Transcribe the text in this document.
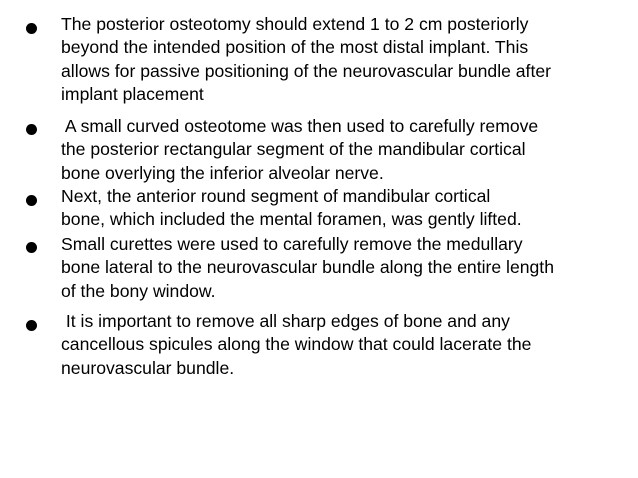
The posterior osteotomy should extend 1 to 2 cm posteriorly
beyond the intended position of the most distal implant. This
allows for passive positioning of the neurovascular bundle after
implant placement

A small curved osteotome was then used to carefully remove
the posterior rectangular segment of the mandibular cortical
bone overlying the inferior alveolar nerve.

Next, the anterior round segment of mandibular cortical
bone, which included the mental foramen, was gently lifted.

Small curettes were used to carefully remove the medullary
bone lateral to the neurovascular bundle along the entire length
of the bony window.

It is important to remove all sharp edges of bone and any
cancellous spicules along the window that could lacerate the
neurovascular bundle.
